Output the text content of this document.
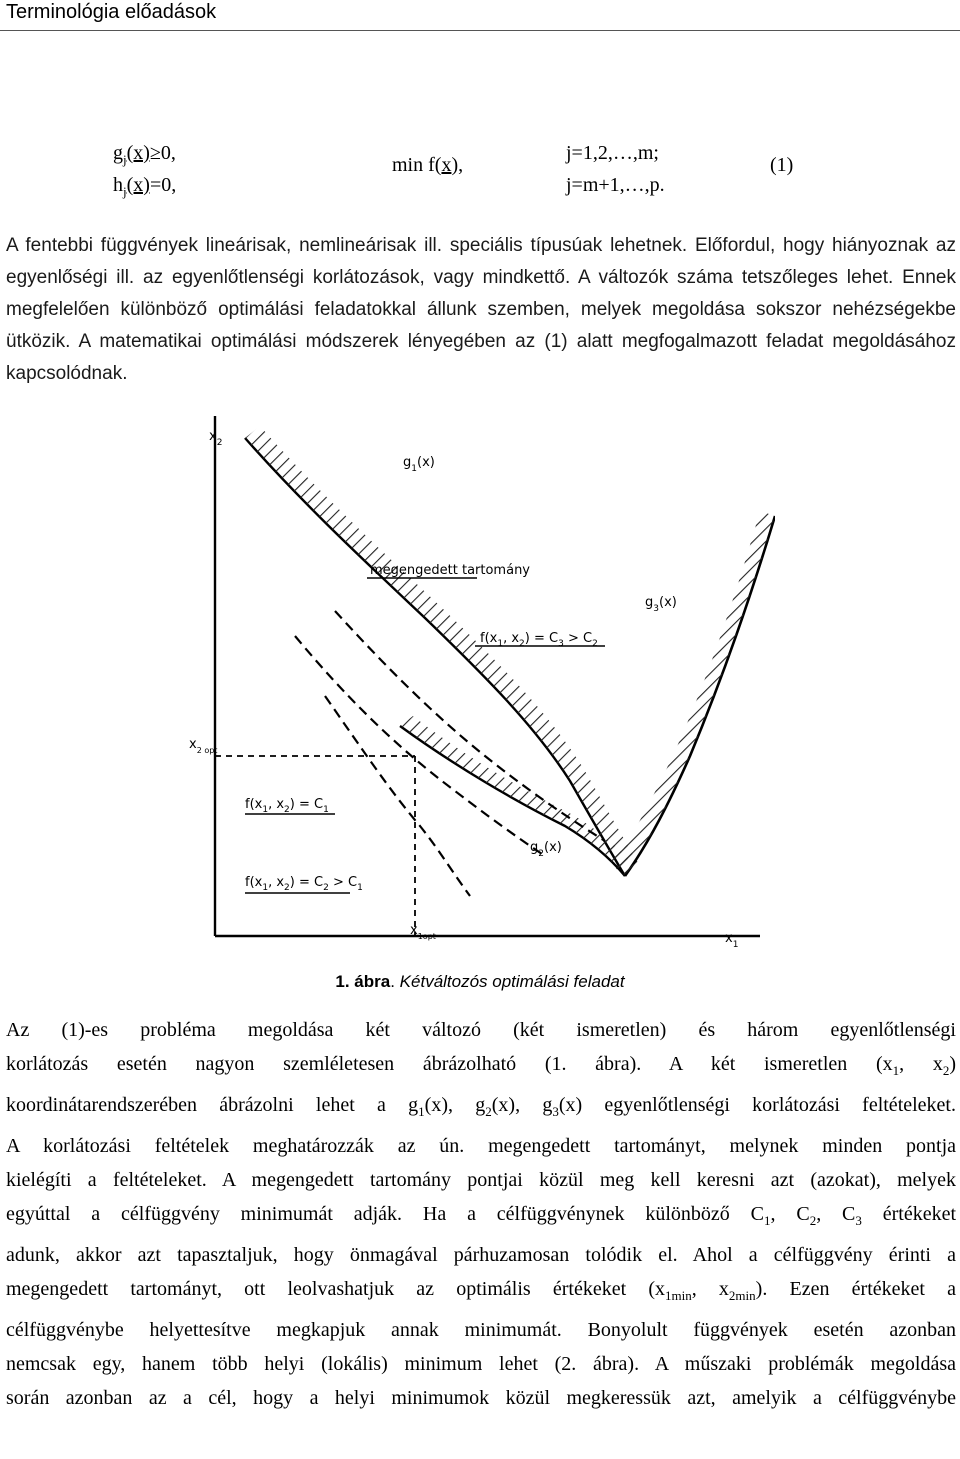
Terminológia előadások
$g_j(x)\ge 0$,
$h_j(x)=0$,
min f(x),
j=1,2,…,m;
j=m+1,…,p.
(1)

A fentebbi függvények lineárisak, nemlineárisak ill. speciális típusúak lehetnek. Előfordul, hogy hiányoznak az egyenlőségi ill. az egyenlőtlenségi korlátozások, vagy mindkettő. A változók száma tetszőleges lehet. Ennek megfelelően különböző optimálási feladatokkal állunk szemben, melyek megoldása sokszor nehézségekbe ütközik. A matematikai optimálási módszerek lényegében az (1) alatt megfogalmazott feladat megoldásához kapcsolódnak.

$x_2$
$g_1(x)$
megengedett tartomány
$g_3(x)$
$f(x_1$, $x_2) = C_3 > C_2$
$x_{2 opt}$
$f(x_1$, $x_2) = C_1$
$g_2(x)$
$f(x_1$, $x_2) = C_2 > C_1$
$x_{1opt}$	$x_1$
1. ábra. Kétváltozós optimálási feladat
Az (1)-es probléma megoldása két változó (két ismeretlen) és három egyenlőtlenségi
korlátozás esetén nagyon szemléletesen ábrázolható (1. ábra). A két ismeretlen ($x_1$, $x_2$)
koordinátarendszerében ábrázolni lehet a $g_1(x)$, $g_2(x)$, $g_3(x)$ egyenlőtlenségi korlátozási feltételeket.
A korlátozási feltételek meghatározzák az ún. megengedett tartományt, melynek minden pontja
kielégíti a feltételeket. A megengedett tartomány pontjai közül meg kell keresni azt (azokat), melyek
egyúttal a célfüggvény minimumát adják. Ha a célfüggvénynek különböző $C_1$, $C_2$, $C_3$ értékeket
adunk, akkor azt tapasztaljuk, hogy önmagával párhuzamosan tolódik el. Ahol a célfüggvény érinti a
megengedett tartományt, ott leolvashatjuk az optimális értékeket ($x_{1min}$, $x_{2min}$). Ezen értékeket a
célfüggvénybe helyettesítve megkapjuk annak minimumát. Bonyolult függvények esetén azonban
nemcsak egy, hanem több helyi (lokális) minimum lehet (2. ábra). A műszaki problémák megoldása
során azonban az a cél, hogy a helyi minimumok közül megkeressük azt, amelyik a célfüggvénybe
